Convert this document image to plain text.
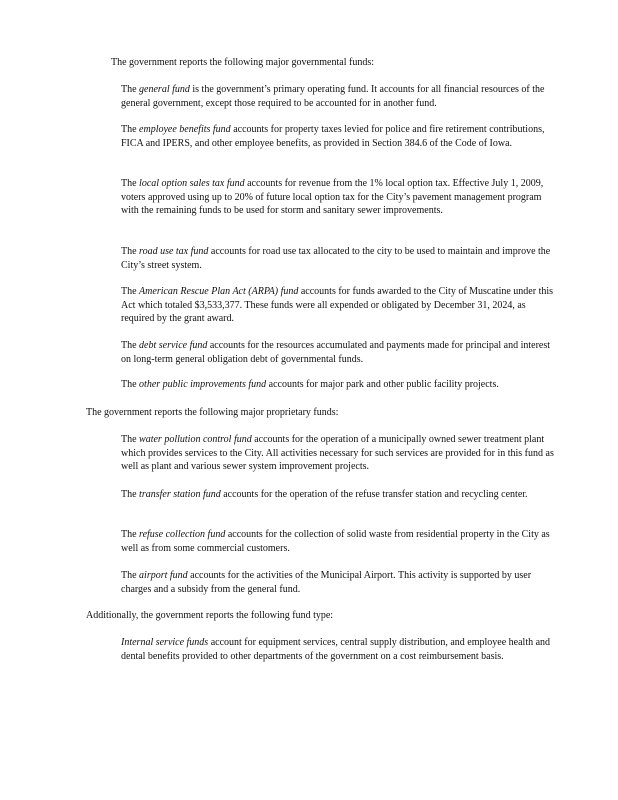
The government reports the following major governmental funds:

The general fund is the government’s primary operating fund. It accounts for all financial resources of the general government, except those required to be accounted for in another fund.

The employee benefits fund accounts for property taxes levied for police and fire retirement contributions, FICA and IPERS, and other employee benefits, as provided in Section 384.6 of the Code of Iowa.

The local option sales tax fund accounts for revenue from the 1% local option tax. Effective July 1, 2009, voters approved using up to 20% of future local option tax for the City’s pavement management program with the remaining funds to be used for storm and sanitary sewer improvements.

The road use tax fund accounts for road use tax allocated to the city to be used to maintain and improve the City’s street system.

The American Rescue Plan Act (ARPA) fund accounts for funds awarded to the City of Muscatine under this Act which totaled $3,533,377. These funds were all expended or obligated by December 31, 2024, as required by the grant award.

The debt service fund accounts for the resources accumulated and payments made for principal and interest on long-term general obligation debt of governmental funds.

The other public improvements fund accounts for major park and other public facility projects.

The government reports the following major proprietary funds:

The water pollution control fund accounts for the operation of a municipally owned sewer treatment plant which provides services to the City. All activities necessary for such services are provided for in this fund as well as plant and various sewer system improvement projects.

The transfer station fund accounts for the operation of the refuse transfer station and recycling center.

The refuse collection fund accounts for the collection of solid waste from residential property in the City as well as from some commercial customers.

The airport fund accounts for the activities of the Municipal Airport. This activity is supported by user charges and a subsidy from the general fund.

Additionally, the government reports the following fund type:

Internal service funds account for equipment services, central supply distribution, and employee health and dental benefits provided to other departments of the government on a cost reimbursement basis.
